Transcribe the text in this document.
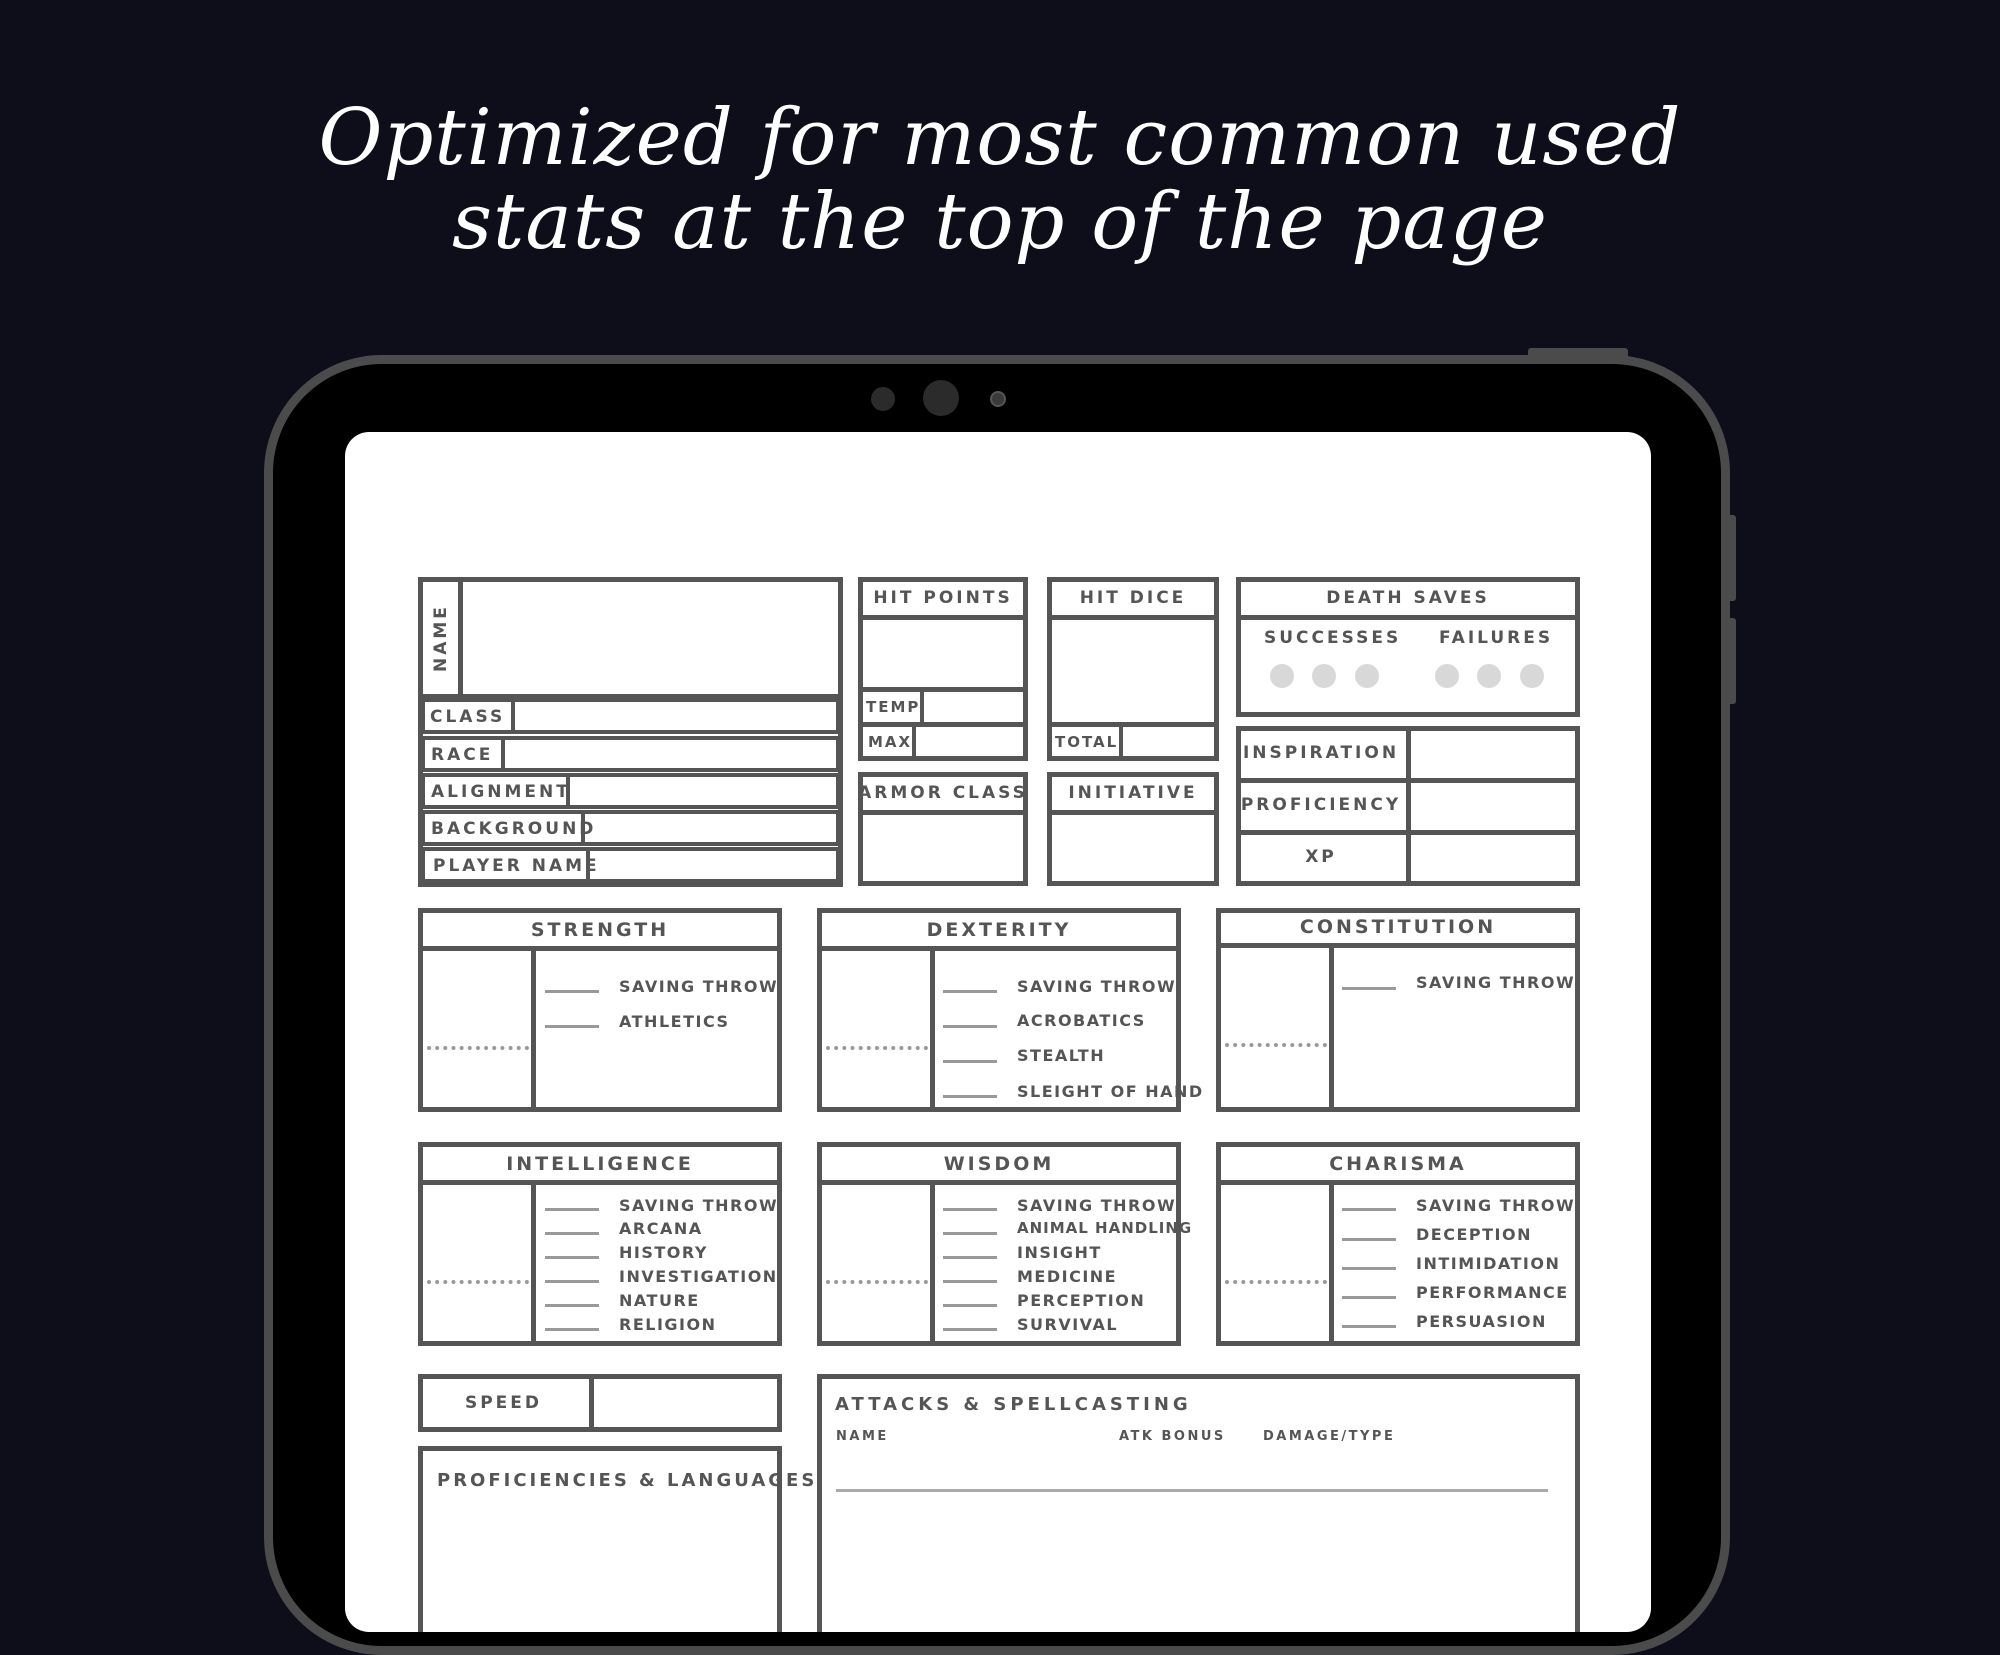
Optimized for most common used
stats at the top of the page
NAME
CLASS
RACE
ALIGNMENT
BACKGROUND
PLAYER NAME
HIT POINTS
TEMP
MAX
HIT DICE
TOTAL
ARMOR CLASS	INITIATIVE
DEATH SAVES
SUCCESSES FAILURES
INSPIRATION
PROFICIENCY
XP
STRENGTH
SAVING THROW
ATHLETICS
DEXTERITY
SAVING THROW
ACROBATICS
STEALTH
SLEIGHT OF HAND
CONSTITUTION
SAVING THROW
INTELLIGENCE
SAVING THROW
ARCANA
HISTORY
INVESTIGATION
NATURE
RELIGION
WISDOM
SAVING THROW
ANIMAL HANDLING
INSIGHT
MEDICINE
PERCEPTION
SURVIVAL
CHARISMA
SAVING THROW
DECEPTION
INTIMIDATION
PERFORMANCE
PERSUASION
SPEED
PROFICIENCIES & LANGUAGES
ATTACKS & SPELLCASTING
NAME	ATK BONUS	DAMAGE/TYPE
